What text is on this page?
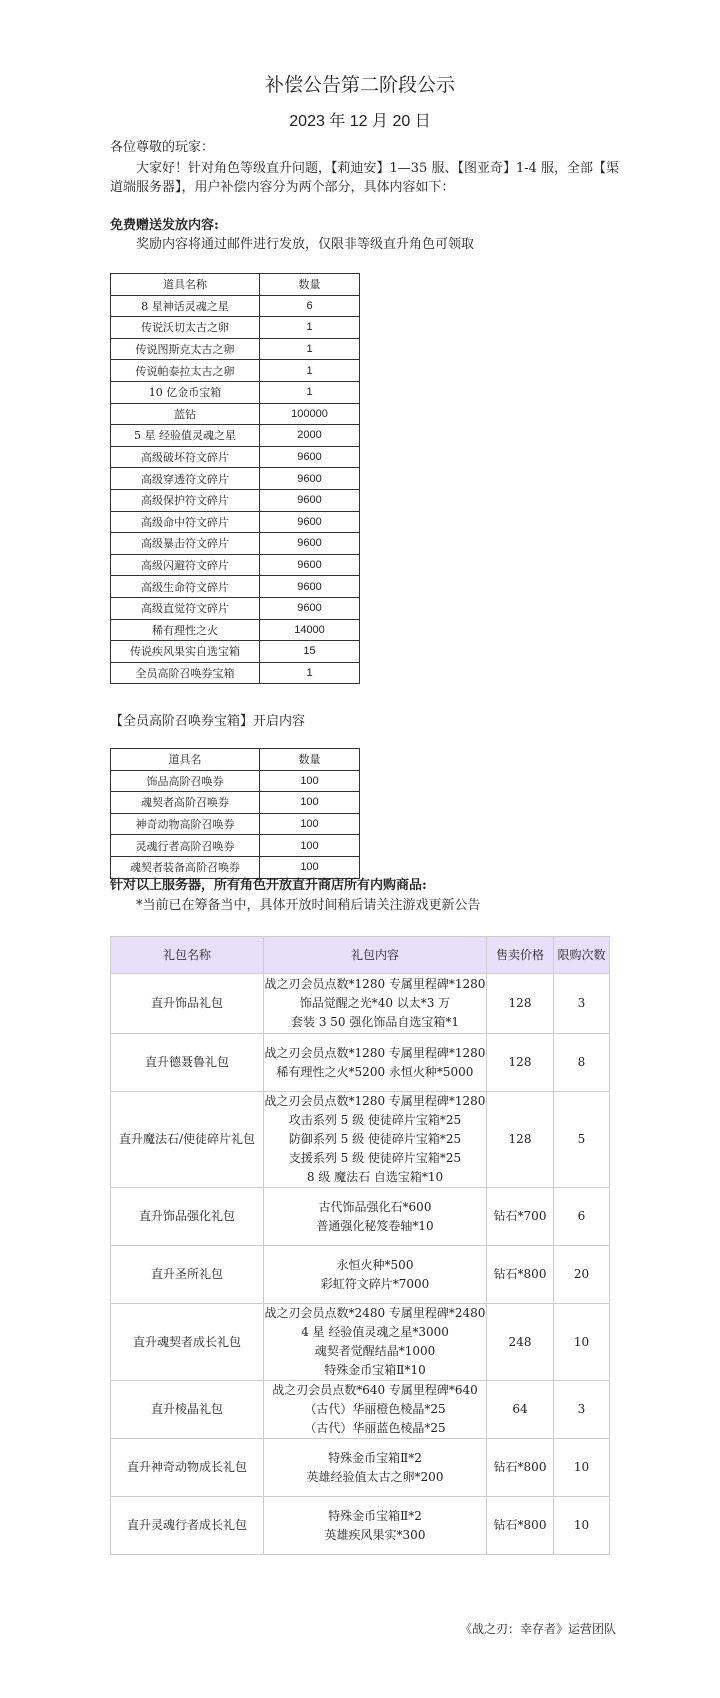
补偿公告第二阶段公示
2023 年 12 月 20 日
各位尊敬的玩家：
大家好！针对角色等级直升问题，【莉迪安】1—35 服、【图亚奇】1-4 服，全部【渠道端服务器】，用户补偿内容分为两个部分，具体内容如下：
免费赠送发放内容:
奖励内容将通过邮件进行发放，仅限非等级直升角色可领取
道具名称	数量
8 星神话灵魂之星	6
传说沃切太古之卵	1
传说图斯克太古之卵	1
传说帕泰拉太古之卵	1
10 亿金币宝箱	1
蓝钻	100000
5 星 经验值灵魂之星	2000
高级破坏符文碎片	9600
高级穿透符文碎片	9600
高级保护符文碎片	9600
高级命中符文碎片	9600
高级暴击符文碎片	9600
高级闪避符文碎片	9600
高级生命符文碎片	9600
高级直觉符文碎片	9600
稀有理性之火	14000
传说疾风果实自选宝箱	15
全员高阶召唤券宝箱	1
【全员高阶召唤券宝箱】开启内容
道具名	数量
饰品高阶召唤券	100
魂契者高阶召唤券	100
神奇动物高阶召唤券	100
灵魂行者高阶召唤券	100
魂契者装备高阶召唤券	100
针对以上服务器，所有角色开放直升商店所有内购商品:
*当前已在筹备当中，具体开放时间稍后请关注游戏更新公告
礼包名称	礼包内容	售卖价格	限购次数
直升饰品礼包	战之刃会员点数*1280 专属里程碑*1280
饰品觉醒之光*40 以太*3 万
套装 3 50 强化饰品自选宝箱*1	128	3
直升德聂鲁礼包	战之刃会员点数*1280 专属里程碑*1280
稀有理性之火*5200 永恒火种*5000	128	8
直升魔法石/使徒碎片礼包	战之刃会员点数*1280 专属里程碑*1280
攻击系列 5 级 使徒碎片宝箱*25
防御系列 5 级 使徒碎片宝箱*25
支援系列 5 级 使徒碎片宝箱*25
8 级 魔法石 自选宝箱*10	128	5
直升饰品强化礼包	古代饰品强化石*600
普通强化秘笈卷轴*10	钻石*700	6
直升圣所礼包	永恒火种*500
彩虹符文碎片*7000	钻石*800	20
直升魂契者成长礼包	战之刃会员点数*2480 专属里程碑*2480
4 星 经验值灵魂之星*3000
魂契者觉醒结晶*1000
特殊金币宝箱Ⅱ*10	248	10
直升棱晶礼包	战之刃会员点数*640 专属里程碑*640
（古代）华丽橙色棱晶*25
（古代）华丽蓝色棱晶*25	64	3
直升神奇动物成长礼包	特殊金币宝箱Ⅱ*2
英雄经验值太古之卵*200	钻石*800	10
直升灵魂行者成长礼包	特殊金币宝箱Ⅱ*2
英雄疾风果实*300	钻石*800	10
《战之刃：幸存者》运营团队
